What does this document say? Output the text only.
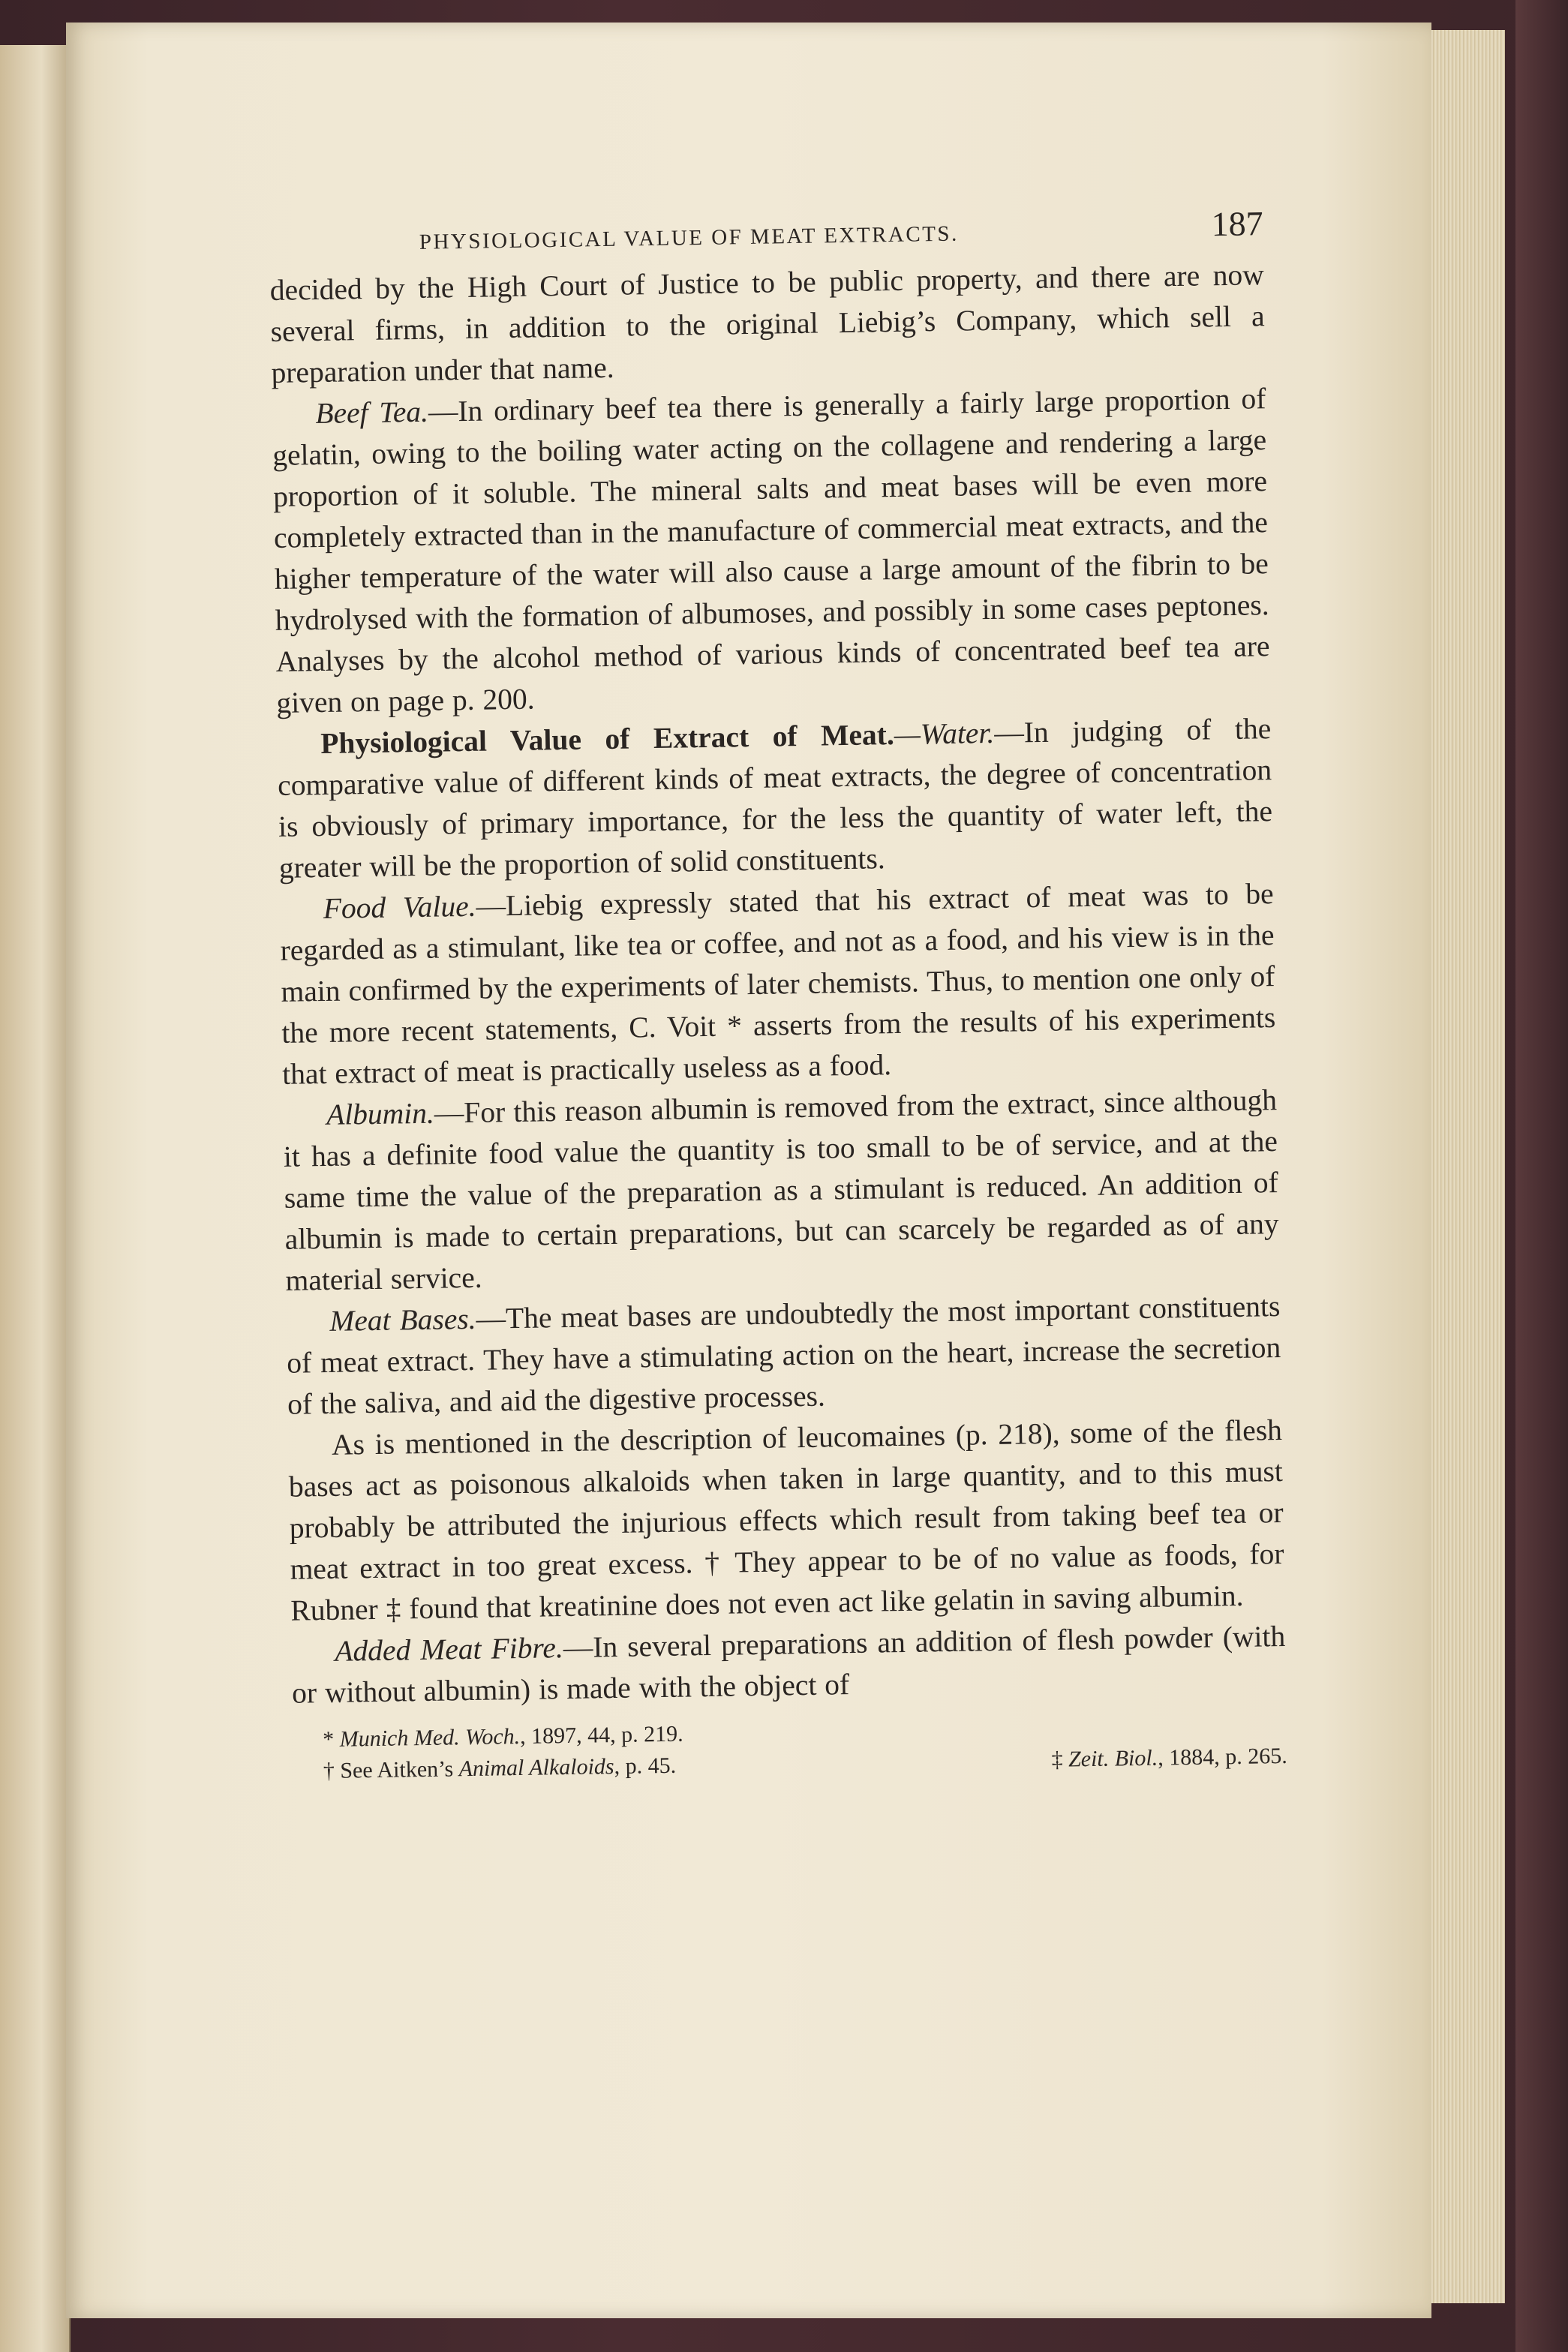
PHYSIOLOGICAL VALUE OF MEAT EXTRACTS.	187

decided by the High Court of Justice to be public property, and there are now several firms, in addition to the original Liebig’s Company, which sell a preparation under that name.

Beef Tea.—In ordinary beef tea there is generally a fairly large proportion of gelatin, owing to the boiling water acting on the collagene and rendering a large proportion of it soluble. The mineral salts and meat bases will be even more completely extracted than in the manufacture of commercial meat extracts, and the higher temperature of the water will also cause a large amount of the fibrin to be hydrolysed with the formation of albumoses, and possibly in some cases peptones. Analyses by the alcohol method of various kinds of concentrated beef tea are given on page p. 200.

Physiological Value of Extract of Meat.—Water.—In judging of the comparative value of different kinds of meat extracts, the degree of concentration is obviously of primary importance, for the less the quantity of water left, the greater will be the proportion of solid constituents.

Food Value.—Liebig expressly stated that his extract of meat was to be regarded as a stimulant, like tea or coffee, and not as a food, and his view is in the main confirmed by the experiments of later chemists. Thus, to mention one only of the more recent statements, C. Voit * asserts from the results of his experiments that extract of meat is practically useless as a food.

Albumin.—For this reason albumin is removed from the extract, since although it has a definite food value the quantity is too small to be of service, and at the same time the value of the preparation as a stimulant is reduced. An addition of albumin is made to certain preparations, but can scarcely be regarded as of any material service.

Meat Bases.—The meat bases are undoubtedly the most important constituents of meat extract. They have a stimulating action on the heart, increase the secretion of the saliva, and aid the digestive processes.

As is mentioned in the description of leucomaines (p. 218), some of the flesh bases act as poisonous alkaloids when taken in large quantity, and to this must probably be attributed the injurious effects which result from taking beef tea or meat extract in too great excess. † They appear to be of no value as foods, for Rubner ‡ found that kreatinine does not even act like gelatin in saving albumin.

Added Meat Fibre.—In several preparations an addition of flesh powder (with or without albumin) is made with the object of

* Munich Med. Woch., 1897, 44, p. 219.
† See Aitken’s Animal Alkaloids, p. 45.	‡ Zeit. Biol., 1884, p. 265.
